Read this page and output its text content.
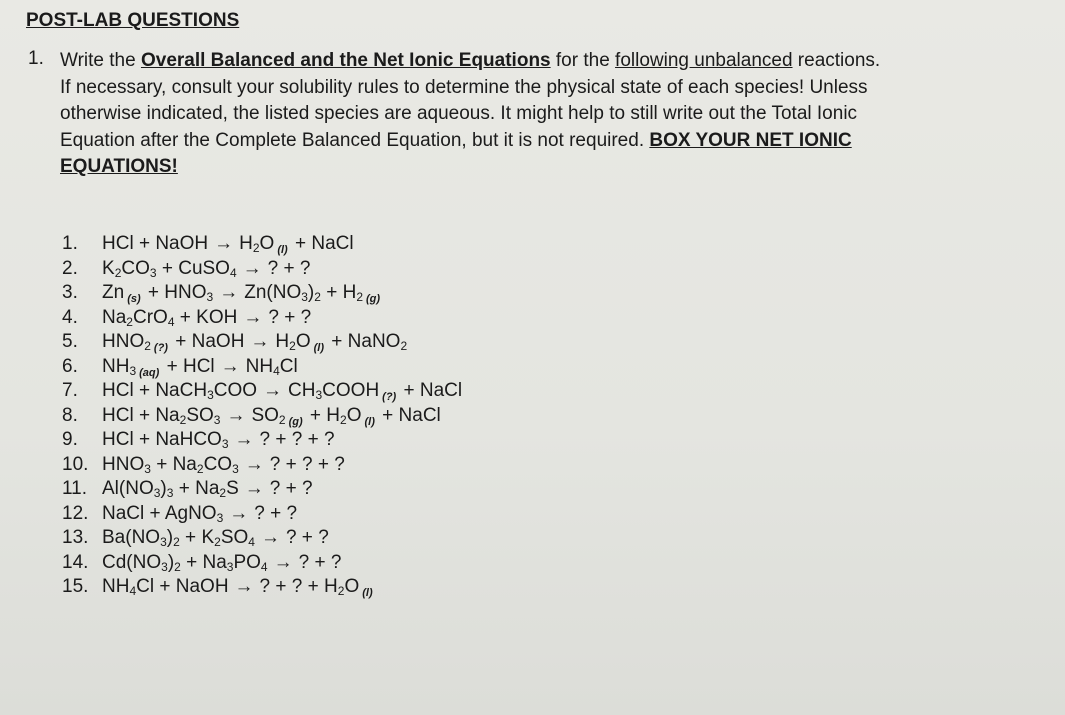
POST-LAB QUESTIONS
1. Write the Overall Balanced and the Net Ionic Equations for the following unbalanced reactions.
If necessary, consult your solubility rules to determine the physical state of each species! Unless
otherwise indicated, the listed species are aqueous. It might help to still write out the Total Ionic
Equation after the Complete Balanced Equation, but it is not required. BOX YOUR NET IONIC
EQUATIONS!
1. HCl + NaOH → $H_2O$ $_{(l)}$ + NaCl
2. $K_2CO_3$ + CuSO$_4$ → ? + ?
3. Zn $_{(s)} + HNO_3 \to Zn(NO_3)_2 + H_2$ $_{(g)}$
4. $Na_2CrO_4$ + KOH → ? + ?
5. $HNO_2$ $_{(?)}$ + NaOH → $H_2O$ $_{(l)}$ + NaNO$_2$
6. $NH_3$ $_{(aq)}$ + HCl → $NH_4Cl$
7. HCl + NaCH$_3$COO → $CH_3COOH$ $_{(?)}$ + NaCl
8. HCl + $Na_2SO_3 \to SO_2$ $_{(g)} + H_2O$ $_{(l)}$ + NaCl
9. HCl + NaHCO$_3$ → ? + ? + ?
10. $HNO_3 + Na_2CO_3$ → ? + ? + ?
11. $Al(NO_3)_3 + Na_2S$ → ? + ?
12. NaCl + AgNO$_3$ → ? + ?
13. $Ba(NO_3)_2 + K_2SO_4$ → ? + ?
14. $Cd(NO_3)_2 + Na_3PO_4$ → ? + ?
15. $NH_4Cl$ + NaOH → ? + ? + $H_2O$ $_{(l)}$
